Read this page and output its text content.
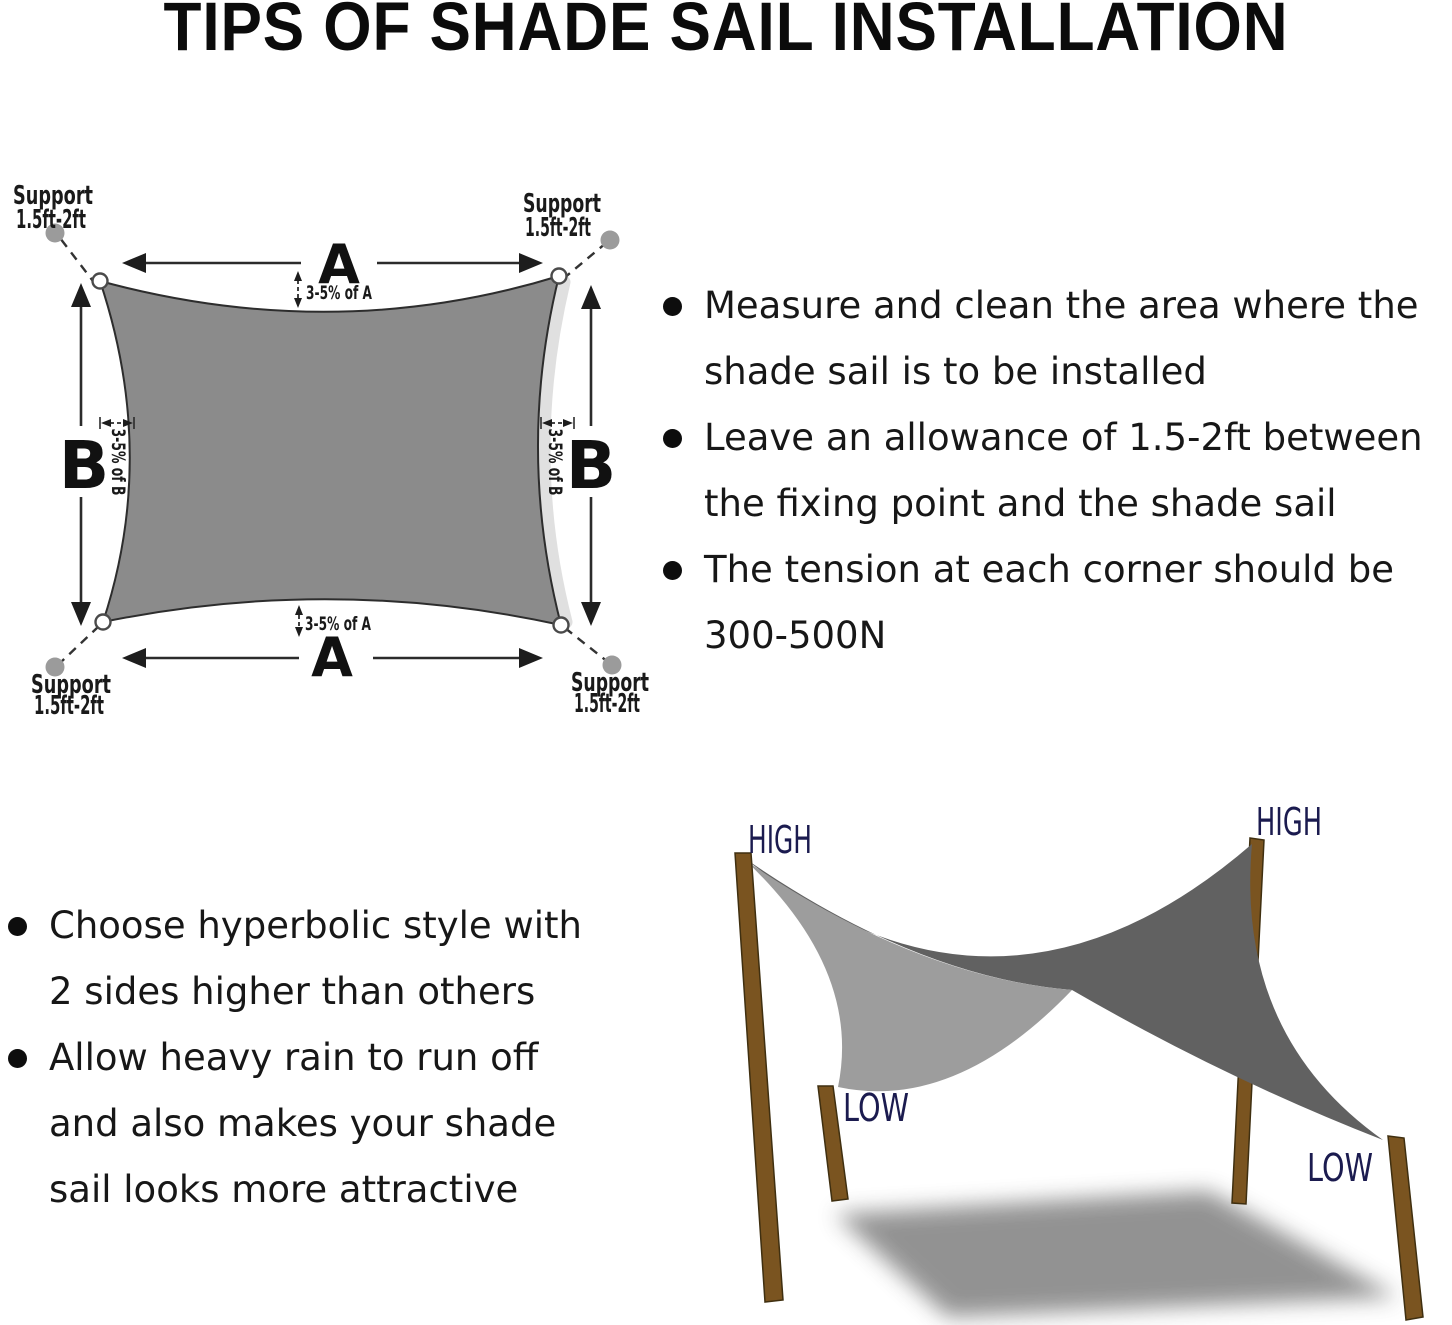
TIPS OF SHADE SAIL INSTALLATION
Support
1.5ft-2ft
Support
1.5ft-2ft
Support
1.5ft-2ft
Support
1.5ft-2ft
A
3-5% of A
A
3-5% of A
B
3-5% of B	B
3-5% of B
Measure and clean the area where the
shade sail is to be installed
Leave an allowance of 1.5-2ft between
the fixing point and the shade sail
The tension at each corner should be
300-500N
Choose hyperbolic style with
2 sides higher than others
Allow heavy rain to run off
and also makes your shade
sail looks more attractive
HIGH	HIGH
LOW
LOW
